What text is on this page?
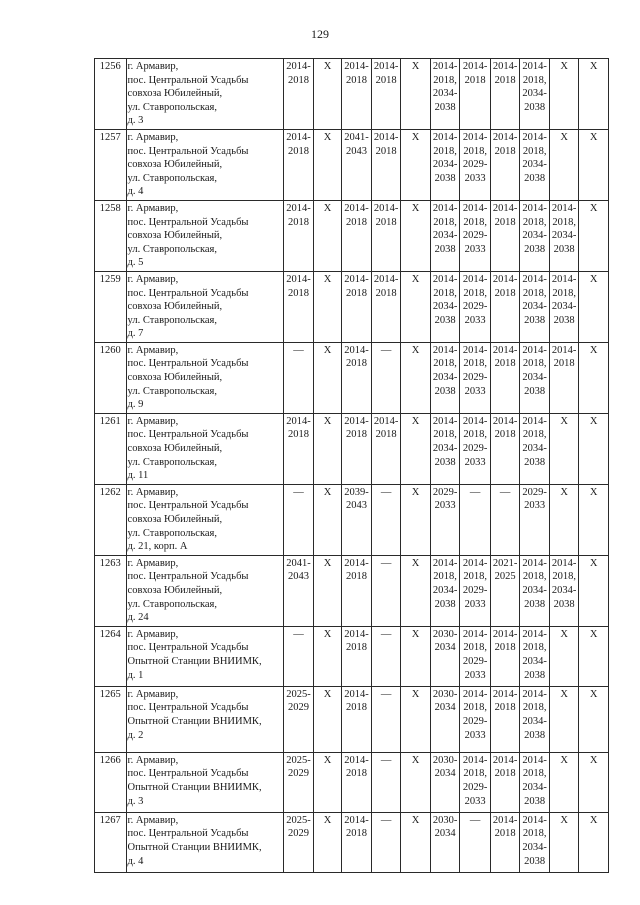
129
1256	г. Армавир,
пос. Центральной Усадьбы
совхоза Юбилейный,
ул. Ставропольская,
д. 3	2014-
2018	X	2014-
2018	2014-
2018	X	2014-
2018,
2034-
2038	2014-
2018	2014-
2018	2014-
2018,
2034-
2038	X	X
1257	г. Армавир,
пос. Центральной Усадьбы
совхоза Юбилейный,
ул. Ставропольская,
д. 4	2014-
2018	X	2041-
2043	2014-
2018	X	2014-
2018,
2034-
2038	2014-
2018,
2029-
2033	2014-
2018	2014-
2018,
2034-
2038	X	X
1258	г. Армавир,
пос. Центральной Усадьбы
совхоза Юбилейный,
ул. Ставропольская,
д. 5	2014-
2018	X	2014-
2018	2014-
2018	X	2014-
2018,
2034-
2038	2014-
2018,
2029-
2033	2014-
2018	2014-
2018,
2034-
2038	2014-
2018,
2034-
2038	X
1259	г. Армавир,
пос. Центральной Усадьбы
совхоза Юбилейный,
ул. Ставропольская,
д. 7	2014-
2018	X	2014-
2018	2014-
2018	X	2014-
2018,
2034-
2038	2014-
2018,
2029-
2033	2014-
2018	2014-
2018,
2034-
2038	2014-
2018,
2034-
2038	X
1260	г. Армавир,
пос. Центральной Усадьбы
совхоза Юбилейный,
ул. Ставропольская,
д. 9	—	X	2014-
2018	—	X	2014-
2018,
2034-
2038	2014-
2018,
2029-
2033	2014-
2018	2014-
2018,
2034-
2038	2014-
2018	X
1261	г. Армавир,
пос. Центральной Усадьбы
совхоза Юбилейный,
ул. Ставропольская,
д. 11	2014-
2018	X	2014-
2018	2014-
2018	X	2014-
2018,
2034-
2038	2014-
2018,
2029-
2033	2014-
2018	2014-
2018,
2034-
2038	X	X
1262	г. Армавир,
пос. Центральной Усадьбы
совхоза Юбилейный,
ул. Ставропольская,
д. 21, корп. А	—	X	2039-
2043	—	X	2029-
2033	—	—	2029-
2033	X	X
1263	г. Армавир,
пос. Центральной Усадьбы
совхоза Юбилейный,
ул. Ставропольская,
д. 24	2041-
2043	X	2014-
2018	—	X	2014-
2018,
2034-
2038	2014-
2018,
2029-
2033	2021-
2025	2014-
2018,
2034-
2038	2014-
2018,
2034-
2038	X
1264	г. Армавир,
пос. Центральной Усадьбы
Опытной Станции ВНИИМК,
д. 1	—	X	2014-
2018	—	X	2030-
2034	2014-
2018,
2029-
2033	2014-
2018	2014-
2018,
2034-
2038	X	X
1265	г. Армавир,
пос. Центральной Усадьбы
Опытной Станции ВНИИМК,
д. 2	2025-
2029	X	2014-
2018	—	X	2030-
2034	2014-
2018,
2029-
2033	2014-
2018	2014-
2018,
2034-
2038	X	X
1266	г. Армавир,
пос. Центральной Усадьбы
Опытной Станции ВНИИМК,
д. 3	2025-
2029	X	2014-
2018	—	X	2030-
2034	2014-
2018,
2029-
2033	2014-
2018	2014-
2018,
2034-
2038	X	X
1267	г. Армавир,
пос. Центральной Усадьбы
Опытной Станции ВНИИМК,
д. 4	2025-
2029	X	2014-
2018	—	X	2030-
2034	—	2014-
2018	2014-
2018,
2034-
2038	X	X
